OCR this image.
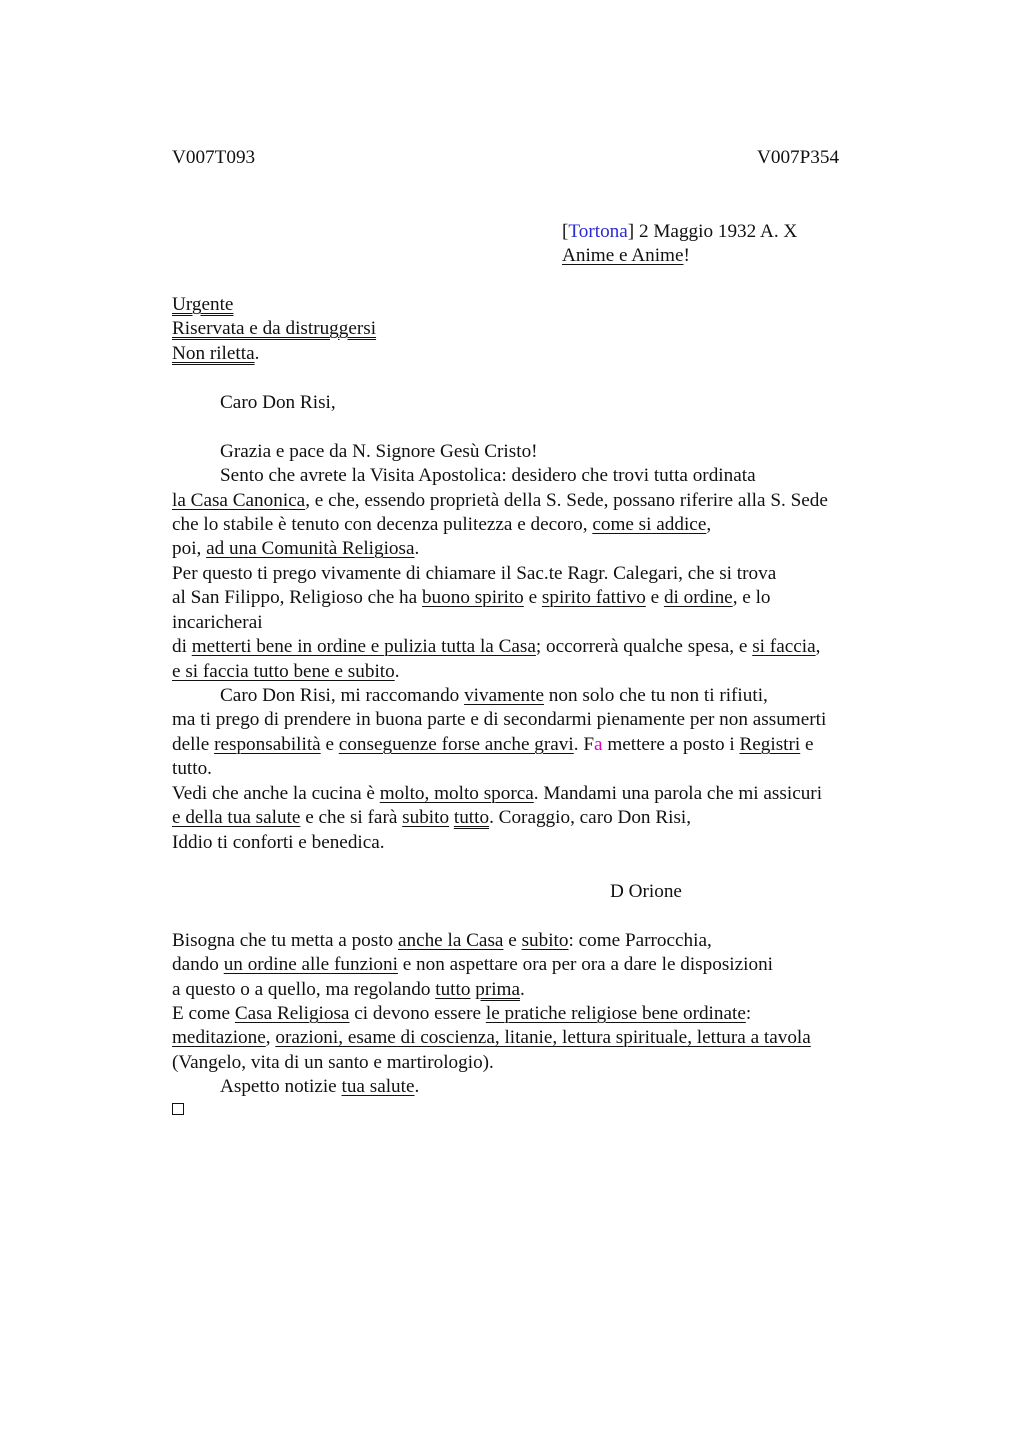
V007T093	V007P354
[Tortona] 2 Maggio 1932 A. X
Anime e Anime!
Urgente
Riservata e da distruggersi
Non riletta.
Caro Don Risi,
Grazia e pace da N. Signore Gesù Cristo!
Sento che avrete la Visita Apostolica: desidero che trovi tutta ordinata
la Casa Canonica, e che, essendo proprietà della S. Sede, possano riferire alla S. Sede
che lo stabile è tenuto con decenza pulitezza e decoro, come si addice,
poi, ad una Comunità Religiosa.
Per questo ti prego vivamente di chiamare il Sac.te Ragr. Calegari, che si trova
al San Filippo, Religioso che ha buono spirito e spirito fattivo e di ordine, e lo
incaricherai
di metterti bene in ordine e pulizia tutta la Casa; occorrerà qualche spesa, e si faccia,
e si faccia tutto bene e subito.
Caro Don Risi, mi raccomando vivamente non solo che tu non ti rifiuti,
ma ti prego di prendere in buona parte e di secondarmi pienamente per non assumerti
delle responsabilità e conseguenze forse anche gravi. Fa mettere a posto i Registri e
tutto.
Vedi che anche la cucina è molto, molto sporca. Mandami una parola che mi assicuri
e della tua salute e che si farà subito tutto. Coraggio, caro Don Risi,
Iddio ti conforti e benedica.
D Orione
Bisogna che tu metta a posto anche la Casa e subito: come Parrocchia,
dando un ordine alle funzioni e non aspettare ora per ora a dare le disposizioni
a questo o a quello, ma regolando tutto prima.
E come Casa Religiosa ci devono essere le pratiche religiose bene ordinate:
meditazione, orazioni, esame di coscienza, litanie, lettura spirituale, lettura a tavola
(Vangelo, vita di un santo e martirologio).
Aspetto notizie tua salute.
